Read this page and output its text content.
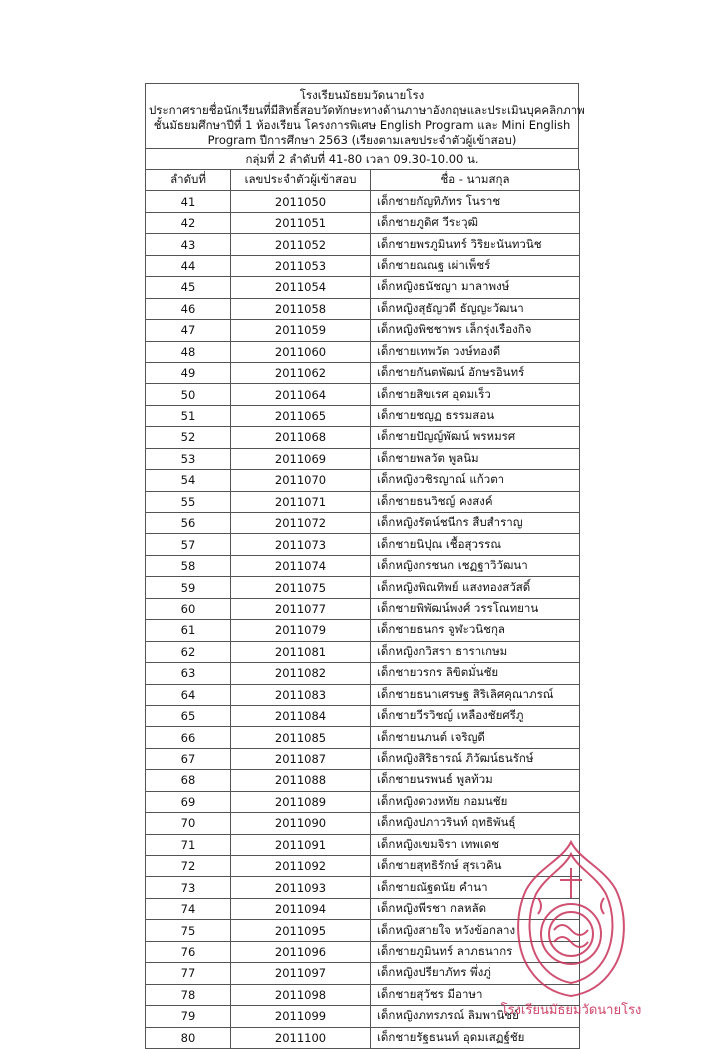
โรงเรียนมัธยมวัดนายโรง
ประกาศรายชื่อนักเรียนที่มีสิทธิ์สอบวัดทักษะทางด้านภาษาอังกฤษและประเมินบุคคลิกภาพ
ชั้นมัธยมศึกษาปีที่ 1 ห้องเรียน โครงการพิเศษ English Program และ Mini English
Program ปีการศึกษา 2563 (เรียงตามเลขประจำตัวผู้เข้าสอบ)
กลุ่มที่ 2 ลำดับที่ 41-80 เวลา 09.30-10.00 น.
ลำดับที่	เลขประจำตัวผู้เข้าสอบ	ชื่อ - นามสกุล
41	2011050	เด็กชายกัญทิภัทร โนราช
42	2011051	เด็กชายภูดิศ วีระวุฒิ
43	2011052	เด็กชายพรภูมินทร์ วิริยะนันทวนิช
44	2011053	เด็กชายณณฐ เผ่าเพ็ชร์
45	2011054	เด็กหญิงธนัชญา มาลาพงษ์
46	2011058	เด็กหญิงสุธัญวดี ธัญญะวัฒนา
47	2011059	เด็กหญิงพิชชาพร เล็กรุ่งเรืองกิจ
48	2011060	เด็กชายเทพวัต วงษ์ทองดี
49	2011062	เด็กชายกันตพัฒน์ อักษรอินทร์
50	2011064	เด็กชายสิขเรศ อุดมเร็ว
51	2011065	เด็กชายชญฏ ธรรมสอน
52	2011068	เด็กชายปัญญ์พัฒน์ พรหมรศ
53	2011069	เด็กชายพลวัต พูลนิม
54	2011070	เด็กหญิงวชิรญาณ์ แก้วตา
55	2011071	เด็กชายธนวิชญ์ คงสงค์
56	2011072	เด็กหญิงรัตน์ชนีกร สืบสำราญ
57	2011073	เด็กชายนิปุณ เชื้อสุวรรณ
58	2011074	เด็กหญิงกรชนก เชฏฐาวิวัฒนา
59	2011075	เด็กหญิงพิณทิพย์ แสงทองสวัสดิ์
60	2011077	เด็กชายพิพัฒน์พงศ์ วรรโณทยาน
61	2011079	เด็กชายธนกร จูฬะวนิชกุล
62	2011081	เด็กหญิงกวิสรา ธาราเกษม
63	2011082	เด็กชายวรกร ลิขิตมั่นชัย
64	2011083	เด็กชายธนาเศรษฐ สิริเลิศคุณาภรณ์
65	2011084	เด็กชายวีรวิชญ์ เหลืองชัยศรีภู
66	2011085	เด็กชายนภนต์ เจริญดี
67	2011087	เด็กหญิงสิริธารณ์ ภิวัฒน์ธนรักษ์
68	2011088	เด็กชายนรพนธ์ พูลท้วม
69	2011089	เด็กหญิงดวงหทัย กอมนชัย
70	2011090	เด็กหญิงปภาวรินท์ ฤทธิพันธุ์
71	2011091	เด็กหญิงเขมจิรา เทพเดช
72	2011092	เด็กชายสุทธิรักษ์ สุรเวคิน
73	2011093	เด็กชายณัฐดนัย คำนา
74	2011094	เด็กหญิงพีรชา กลหลัด
75	2011095	เด็กหญิงสายใจ หวังข้อกลาง
76	2011096	เด็กชายภูมินทร์ ลาภธนากร
77	2011097	เด็กหญิงปรียาภัทร พึ่งภู่
78	2011098	เด็กชายสุวัชร มีอาษา
79	2011099	เด็กหญิงภทรภรณ์ ลิมพานิชย์
80	2011100	เด็กชายรัฐธนนท์ อุดมเสฏฐ์ชัย
โรงเรียนมัธยมวัดนายโรง
